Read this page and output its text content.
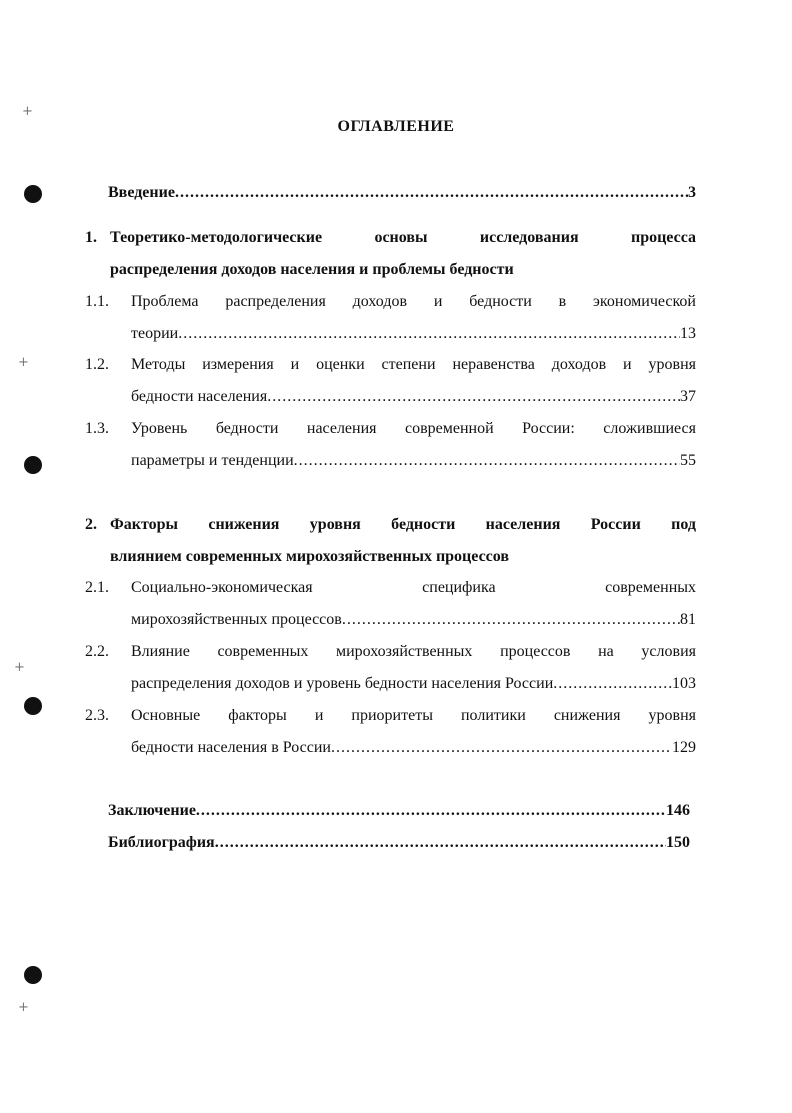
+
+
+
+
ОГЛАВЛЕНИЕ
Введение .....	3
1. Теоретико-методологические основы исследования процесса
распределения доходов населения и проблемы бедности
1.1. Проблема распределения доходов и бедности в экономической
теории .....	13
1.2. Методы измерения и оценки степени неравенства доходов и уровня
бедности населения .....	37
1.3. Уровень бедности населения современной России: сложившиеся
параметры и тенденции .....	55
2. Факторы снижения уровня бедности населения России под
влиянием современных мирохозяйственных процессов
2.1. Социально-экономическая специфика современных
мирохозяйственных процессов .....	81
2.2. Влияние современных мирохозяйственных процессов на условия
распределения доходов и уровень бедности населения России .....	103
2.3. Основные факторы и приоритеты политики снижения уровня
бедности населения в России .....	129
Заключение .....	146
Библиография .....	150
